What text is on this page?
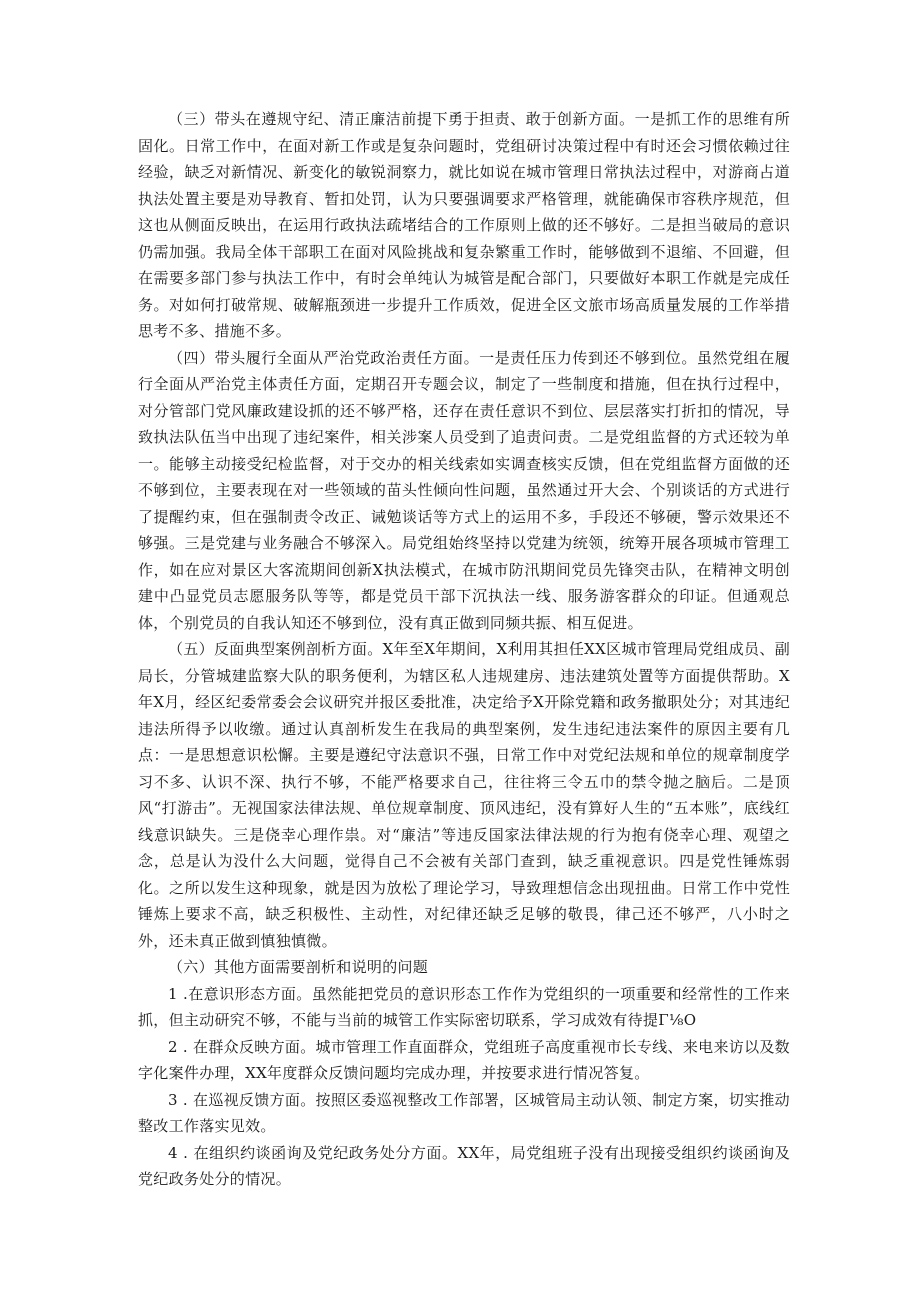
（三）带头在遵规守纪、清正廉洁前提下勇于担责、敢于创新方面。一是抓工作的思维有所固化。日常工作中，在面对新工作或是复杂问题时，党组研讨决策过程中有时还会习惯依赖过往经验，缺乏对新情况、新变化的敏锐洞察力，就比如说在城市管理日常执法过程中，对游商占道执法处置主要是劝导教育、暂扣处罚，认为只要强调要求严格管理，就能确保市容秩序规范，但这也从侧面反映出，在运用行政执法疏堵结合的工作原则上做的还不够好。二是担当破局的意识仍需加强。我局全体干部职工在面对风险挑战和复杂繁重工作时，能够做到不退缩、不回避，但在需要多部门参与执法工作中，有时会单纯认为城管是配合部门，只要做好本职工作就是完成任务。对如何打破常规、破解瓶颈进一步提升工作质效，促进全区文旅市场高质量发展的工作举措思考不多、措施不多。

（四）带头履行全面从严治党政治责任方面。一是责任压力传到还不够到位。虽然党组在履行全面从严治党主体责任方面，定期召开专题会议，制定了一些制度和措施，但在执行过程中，对分管部门党风廉政建设抓的还不够严格，还存在责任意识不到位、层层落实打折扣的情况，导致执法队伍当中出现了违纪案件，相关涉案人员受到了追责问责。二是党组监督的方式还较为单一。能够主动接受纪检监督，对于交办的相关线索如实调查核实反馈，但在党组监督方面做的还不够到位，主要表现在对一些领域的苗头性倾向性问题，虽然通过开大会、个别谈话的方式进行了提醒约束，但在强制责令改正、诫勉谈话等方式上的运用不多，手段还不够硬，警示效果还不够强。三是党建与业务融合不够深入。局党组始终坚持以党建为统领，统筹开展各项城市管理工作，如在应对景区大客流期间创新X执法模式，在城市防汛期间党员先锋突击队，在精神文明创建中凸显党员志愿服务队等等，都是党员干部下沉执法一线、服务游客群众的印证。但通观总体，个别党员的自我认知还不够到位，没有真正做到同频共振、相互促进。

（五）反面典型案例剖析方面。X年至X年期间，X利用其担任XX区城市管理局党组成员、副局长，分管城建监察大队的职务便利，为辖区私人违规建房、违法建筑处置等方面提供帮助。X年X月，经区纪委常委会会议研究并报区委批准，决定给予X开除党籍和政务撤职处分；对其违纪违法所得予以收缴。通过认真剖析发生在我局的典型案例，发生违纪违法案件的原因主要有几点：一是思想意识松懈。主要是遵纪守法意识不强，日常工作中对党纪法规和单位的规章制度学习不多、认识不深、执行不够，不能严格要求自己，往往将三令五巾的禁令抛之脑后。二是顶风“打游击”。无视国家法律法规、单位规章制度、顶风违纪，没有算好人生的“五本账”，底线红线意识缺失。三是侥幸心理作祟。对“廉洁”等违反国家法律法规的行为抱有侥幸心理、观望之念，总是认为没什么大问题，觉得自己不会被有关部门查到，缺乏重视意识。四是党性锤炼弱化。之所以发生这种现象，就是因为放松了理论学习，导致理想信念出现扭曲。日常工作中党性锤炼上要求不高，缺乏积极性、主动性，对纪律还缺乏足够的敬畏，律己还不够严，八小时之外，还未真正做到慎独慎微。

（六）其他方面需要剖析和说明的问题

1 .在意识形态方面。虽然能把党员的意识形态工作作为党组织的一项重要和经常性的工作来抓，但主动研究不够，不能与当前的城管工作实际密切联系，学习成效有待提Γ⅛O

2 . 在群众反映方面。城市管理工作直面群众，党组班子高度重视市长专线、来电来访以及数字化案件办理，XX年度群众反馈问题均完成办理，并按要求进行情况答复。

3 . 在巡视反馈方面。按照区委巡视整改工作部署，区城管局主动认领、制定方案，切实推动整改工作落实见效。

4 . 在组织约谈函询及党纪政务处分方面。XX年，局党组班子没有出现接受组织约谈函询及党纪政务处分的情况。
